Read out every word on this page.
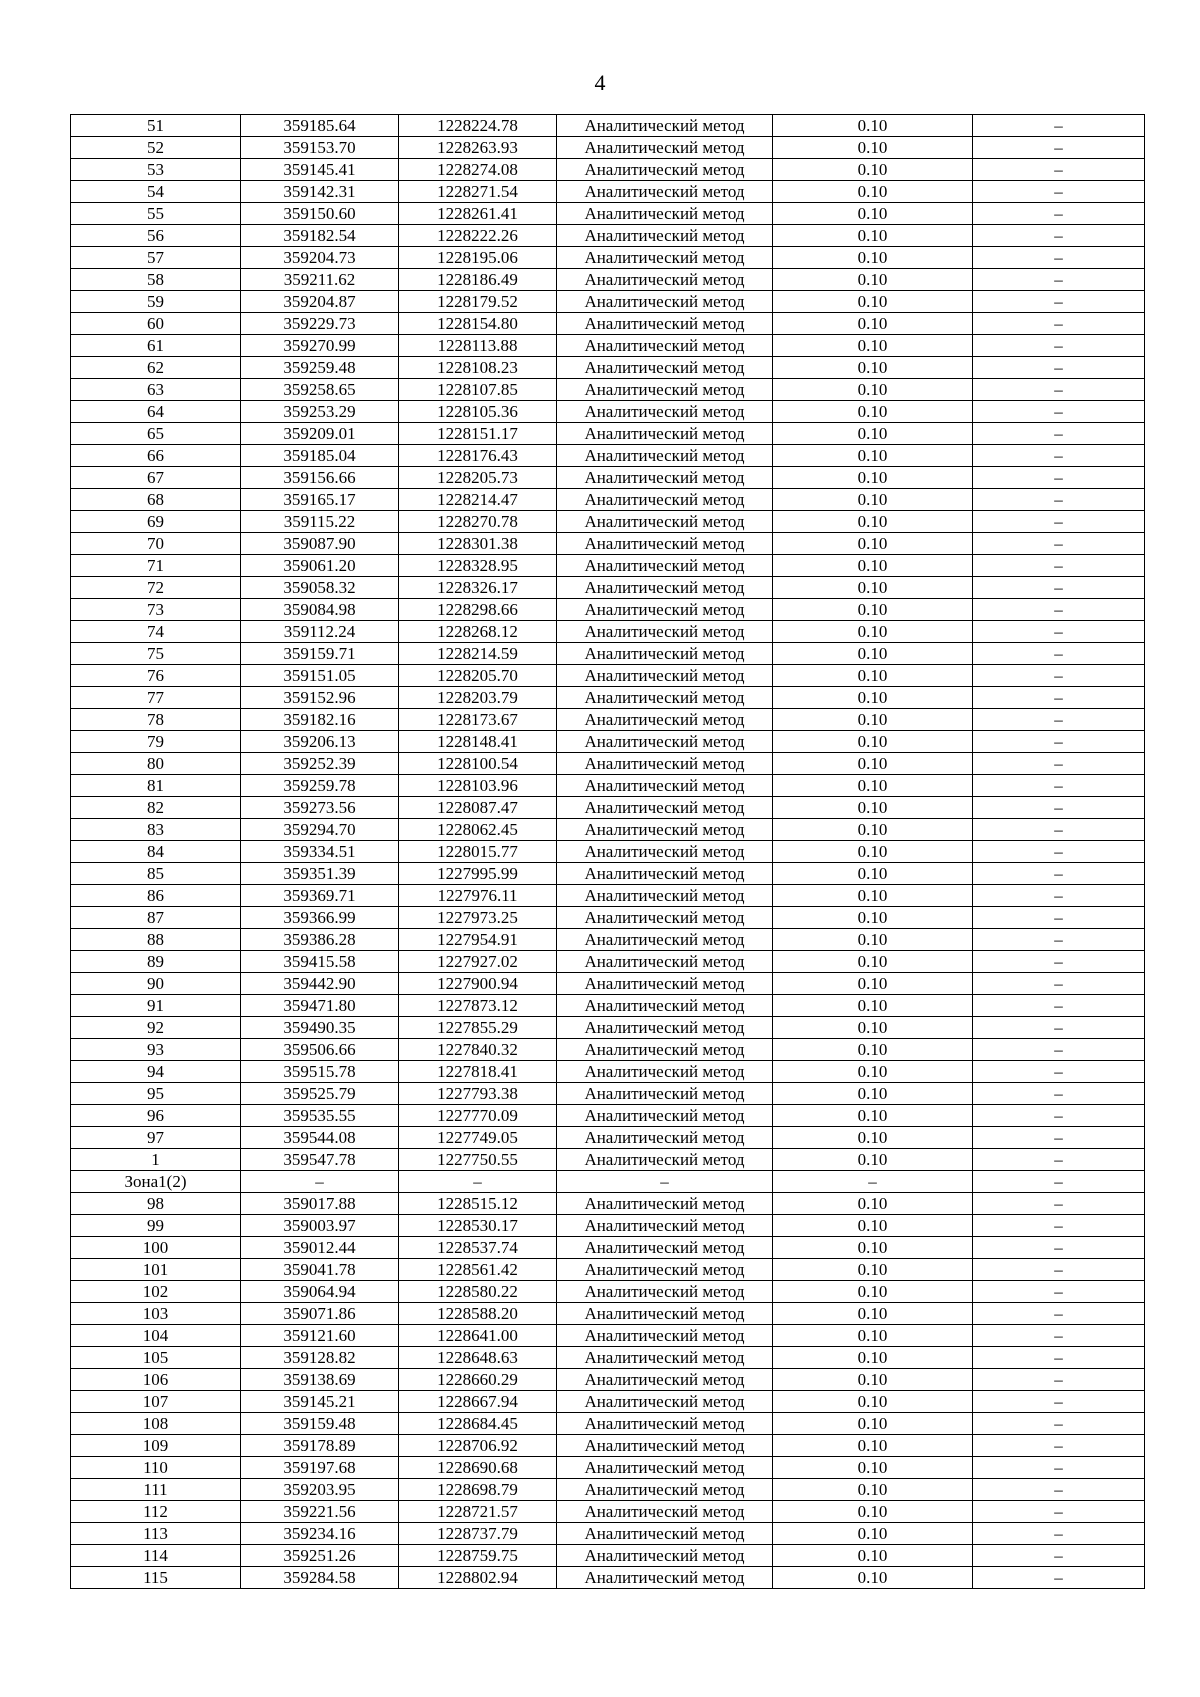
4
51	359185.64	1228224.78	Аналитический метод	0.10	–
52	359153.70	1228263.93	Аналитический метод	0.10	–
53	359145.41	1228274.08	Аналитический метод	0.10	–
54	359142.31	1228271.54	Аналитический метод	0.10	–
55	359150.60	1228261.41	Аналитический метод	0.10	–
56	359182.54	1228222.26	Аналитический метод	0.10	–
57	359204.73	1228195.06	Аналитический метод	0.10	–
58	359211.62	1228186.49	Аналитический метод	0.10	–
59	359204.87	1228179.52	Аналитический метод	0.10	–
60	359229.73	1228154.80	Аналитический метод	0.10	–
61	359270.99	1228113.88	Аналитический метод	0.10	–
62	359259.48	1228108.23	Аналитический метод	0.10	–
63	359258.65	1228107.85	Аналитический метод	0.10	–
64	359253.29	1228105.36	Аналитический метод	0.10	–
65	359209.01	1228151.17	Аналитический метод	0.10	–
66	359185.04	1228176.43	Аналитический метод	0.10	–
67	359156.66	1228205.73	Аналитический метод	0.10	–
68	359165.17	1228214.47	Аналитический метод	0.10	–
69	359115.22	1228270.78	Аналитический метод	0.10	–
70	359087.90	1228301.38	Аналитический метод	0.10	–
71	359061.20	1228328.95	Аналитический метод	0.10	–
72	359058.32	1228326.17	Аналитический метод	0.10	–
73	359084.98	1228298.66	Аналитический метод	0.10	–
74	359112.24	1228268.12	Аналитический метод	0.10	–
75	359159.71	1228214.59	Аналитический метод	0.10	–
76	359151.05	1228205.70	Аналитический метод	0.10	–
77	359152.96	1228203.79	Аналитический метод	0.10	–
78	359182.16	1228173.67	Аналитический метод	0.10	–
79	359206.13	1228148.41	Аналитический метод	0.10	–
80	359252.39	1228100.54	Аналитический метод	0.10	–
81	359259.78	1228103.96	Аналитический метод	0.10	–
82	359273.56	1228087.47	Аналитический метод	0.10	–
83	359294.70	1228062.45	Аналитический метод	0.10	–
84	359334.51	1228015.77	Аналитический метод	0.10	–
85	359351.39	1227995.99	Аналитический метод	0.10	–
86	359369.71	1227976.11	Аналитический метод	0.10	–
87	359366.99	1227973.25	Аналитический метод	0.10	–
88	359386.28	1227954.91	Аналитический метод	0.10	–
89	359415.58	1227927.02	Аналитический метод	0.10	–
90	359442.90	1227900.94	Аналитический метод	0.10	–
91	359471.80	1227873.12	Аналитический метод	0.10	–
92	359490.35	1227855.29	Аналитический метод	0.10	–
93	359506.66	1227840.32	Аналитический метод	0.10	–
94	359515.78	1227818.41	Аналитический метод	0.10	–
95	359525.79	1227793.38	Аналитический метод	0.10	–
96	359535.55	1227770.09	Аналитический метод	0.10	–
97	359544.08	1227749.05	Аналитический метод	0.10	–
1	359547.78	1227750.55	Аналитический метод	0.10	–
Зона1(2)	–	–	–	–	–
98	359017.88	1228515.12	Аналитический метод	0.10	–
99	359003.97	1228530.17	Аналитический метод	0.10	–
100	359012.44	1228537.74	Аналитический метод	0.10	–
101	359041.78	1228561.42	Аналитический метод	0.10	–
102	359064.94	1228580.22	Аналитический метод	0.10	–
103	359071.86	1228588.20	Аналитический метод	0.10	–
104	359121.60	1228641.00	Аналитический метод	0.10	–
105	359128.82	1228648.63	Аналитический метод	0.10	–
106	359138.69	1228660.29	Аналитический метод	0.10	–
107	359145.21	1228667.94	Аналитический метод	0.10	–
108	359159.48	1228684.45	Аналитический метод	0.10	–
109	359178.89	1228706.92	Аналитический метод	0.10	–
110	359197.68	1228690.68	Аналитический метод	0.10	–
111	359203.95	1228698.79	Аналитический метод	0.10	–
112	359221.56	1228721.57	Аналитический метод	0.10	–
113	359234.16	1228737.79	Аналитический метод	0.10	–
114	359251.26	1228759.75	Аналитический метод	0.10	–
115	359284.58	1228802.94	Аналитический метод	0.10	–
